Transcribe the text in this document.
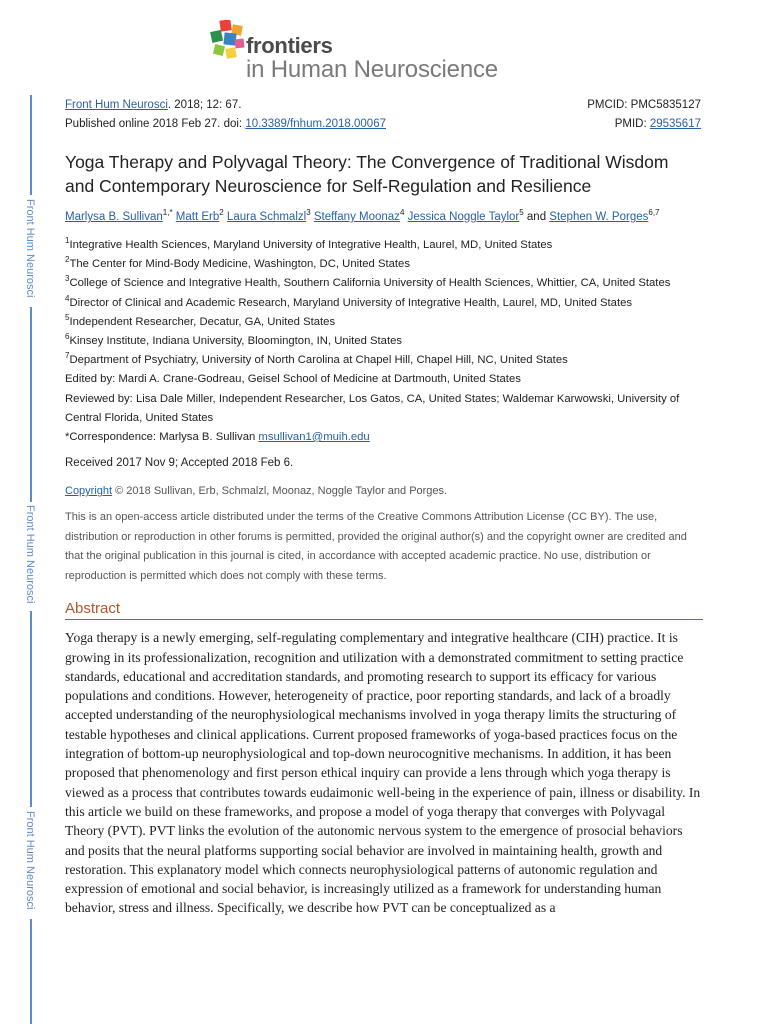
frontiers
in Human Neuroscience
Front Hum Neurosci
Front Hum Neurosci
Front Hum Neurosci
Front Hum Neurosci. 2018; 12: 67.	PMCID: PMC5835127
Published online 2018 Feb 27. doi: 10.3389/fnhum.2018.00067	PMID: 29535617
Yoga Therapy and Polyvagal Theory: The Convergence of Traditional Wisdom and Contemporary Neuroscience for Self-Regulation and Resilience
Marlysa B. Sullivan$^{1,*}$ Matt Erb$^2$ Laura Schmalzl$^3$ Steffany Moonaz$^4$ Jessica Noggle Taylor$^5$ and Stephen W. Porges$^{6,7}$
$^1$Integrative Health Sciences, Maryland University of Integrative Health, Laurel, MD, United States
$^2$The Center for Mind-Body Medicine, Washington, DC, United States
$^3$College of Science and Integrative Health, Southern California University of Health Sciences, Whittier, CA, United States
$^4$Director of Clinical and Academic Research, Maryland University of Integrative Health, Laurel, MD, United States
$^5$Independent Researcher, Decatur, GA, United States
$^6$Kinsey Institute, Indiana University, Bloomington, IN, United States
$^7$Department of Psychiatry, University of North Carolina at Chapel Hill, Chapel Hill, NC, United States
Edited by: Mardi A. Crane-Godreau, Geisel School of Medicine at Dartmouth, United States
Reviewed by: Lisa Dale Miller, Independent Researcher, Los Gatos, CA, United States; Waldemar Karwowski, University of Central Florida, United States
*Correspondence: Marlysa B. Sullivan msullivan1@muih.edu
Received 2017 Nov 9; Accepted 2018 Feb 6.
Copyright © 2018 Sullivan, Erb, Schmalzl, Moonaz, Noggle Taylor and Porges.
This is an open-access article distributed under the terms of the Creative Commons Attribution License (CC BY). The use, distribution or reproduction in other forums is permitted, provided the original author(s) and the copyright owner are credited and that the original publication in this journal is cited, in accordance with accepted academic practice. No use, distribution or reproduction is permitted which does not comply with these terms.
Abstract
Yoga therapy is a newly emerging, self-regulating complementary and integrative healthcare (CIH) practice. It is growing in its professionalization, recognition and utilization with a demonstrated commitment to setting practice standards, educational and accreditation standards, and promoting research to support its efficacy for various populations and conditions. However, heterogeneity of practice, poor reporting standards, and lack of a broadly accepted understanding of the neurophysiological mechanisms involved in yoga therapy limits the structuring of testable hypotheses and clinical applications. Current proposed frameworks of yoga-based practices focus on the integration of bottom-up neurophysiological and top-down neurocognitive mechanisms. In addition, it has been proposed that phenomenology and first person ethical inquiry can provide a lens through which yoga therapy is viewed as a process that contributes towards eudaimonic well-being in the experience of pain, illness or disability. In this article we build on these frameworks, and propose a model of yoga therapy that converges with Polyvagal Theory (PVT). PVT links the evolution of the autonomic nervous system to the emergence of prosocial behaviors and posits that the neural platforms supporting social behavior are involved in maintaining health, growth and restoration. This explanatory model which connects neurophysiological patterns of autonomic regulation and expression of emotional and social behavior, is increasingly utilized as a framework for understanding human behavior, stress and illness. Specifically, we describe how PVT can be conceptualized as a
